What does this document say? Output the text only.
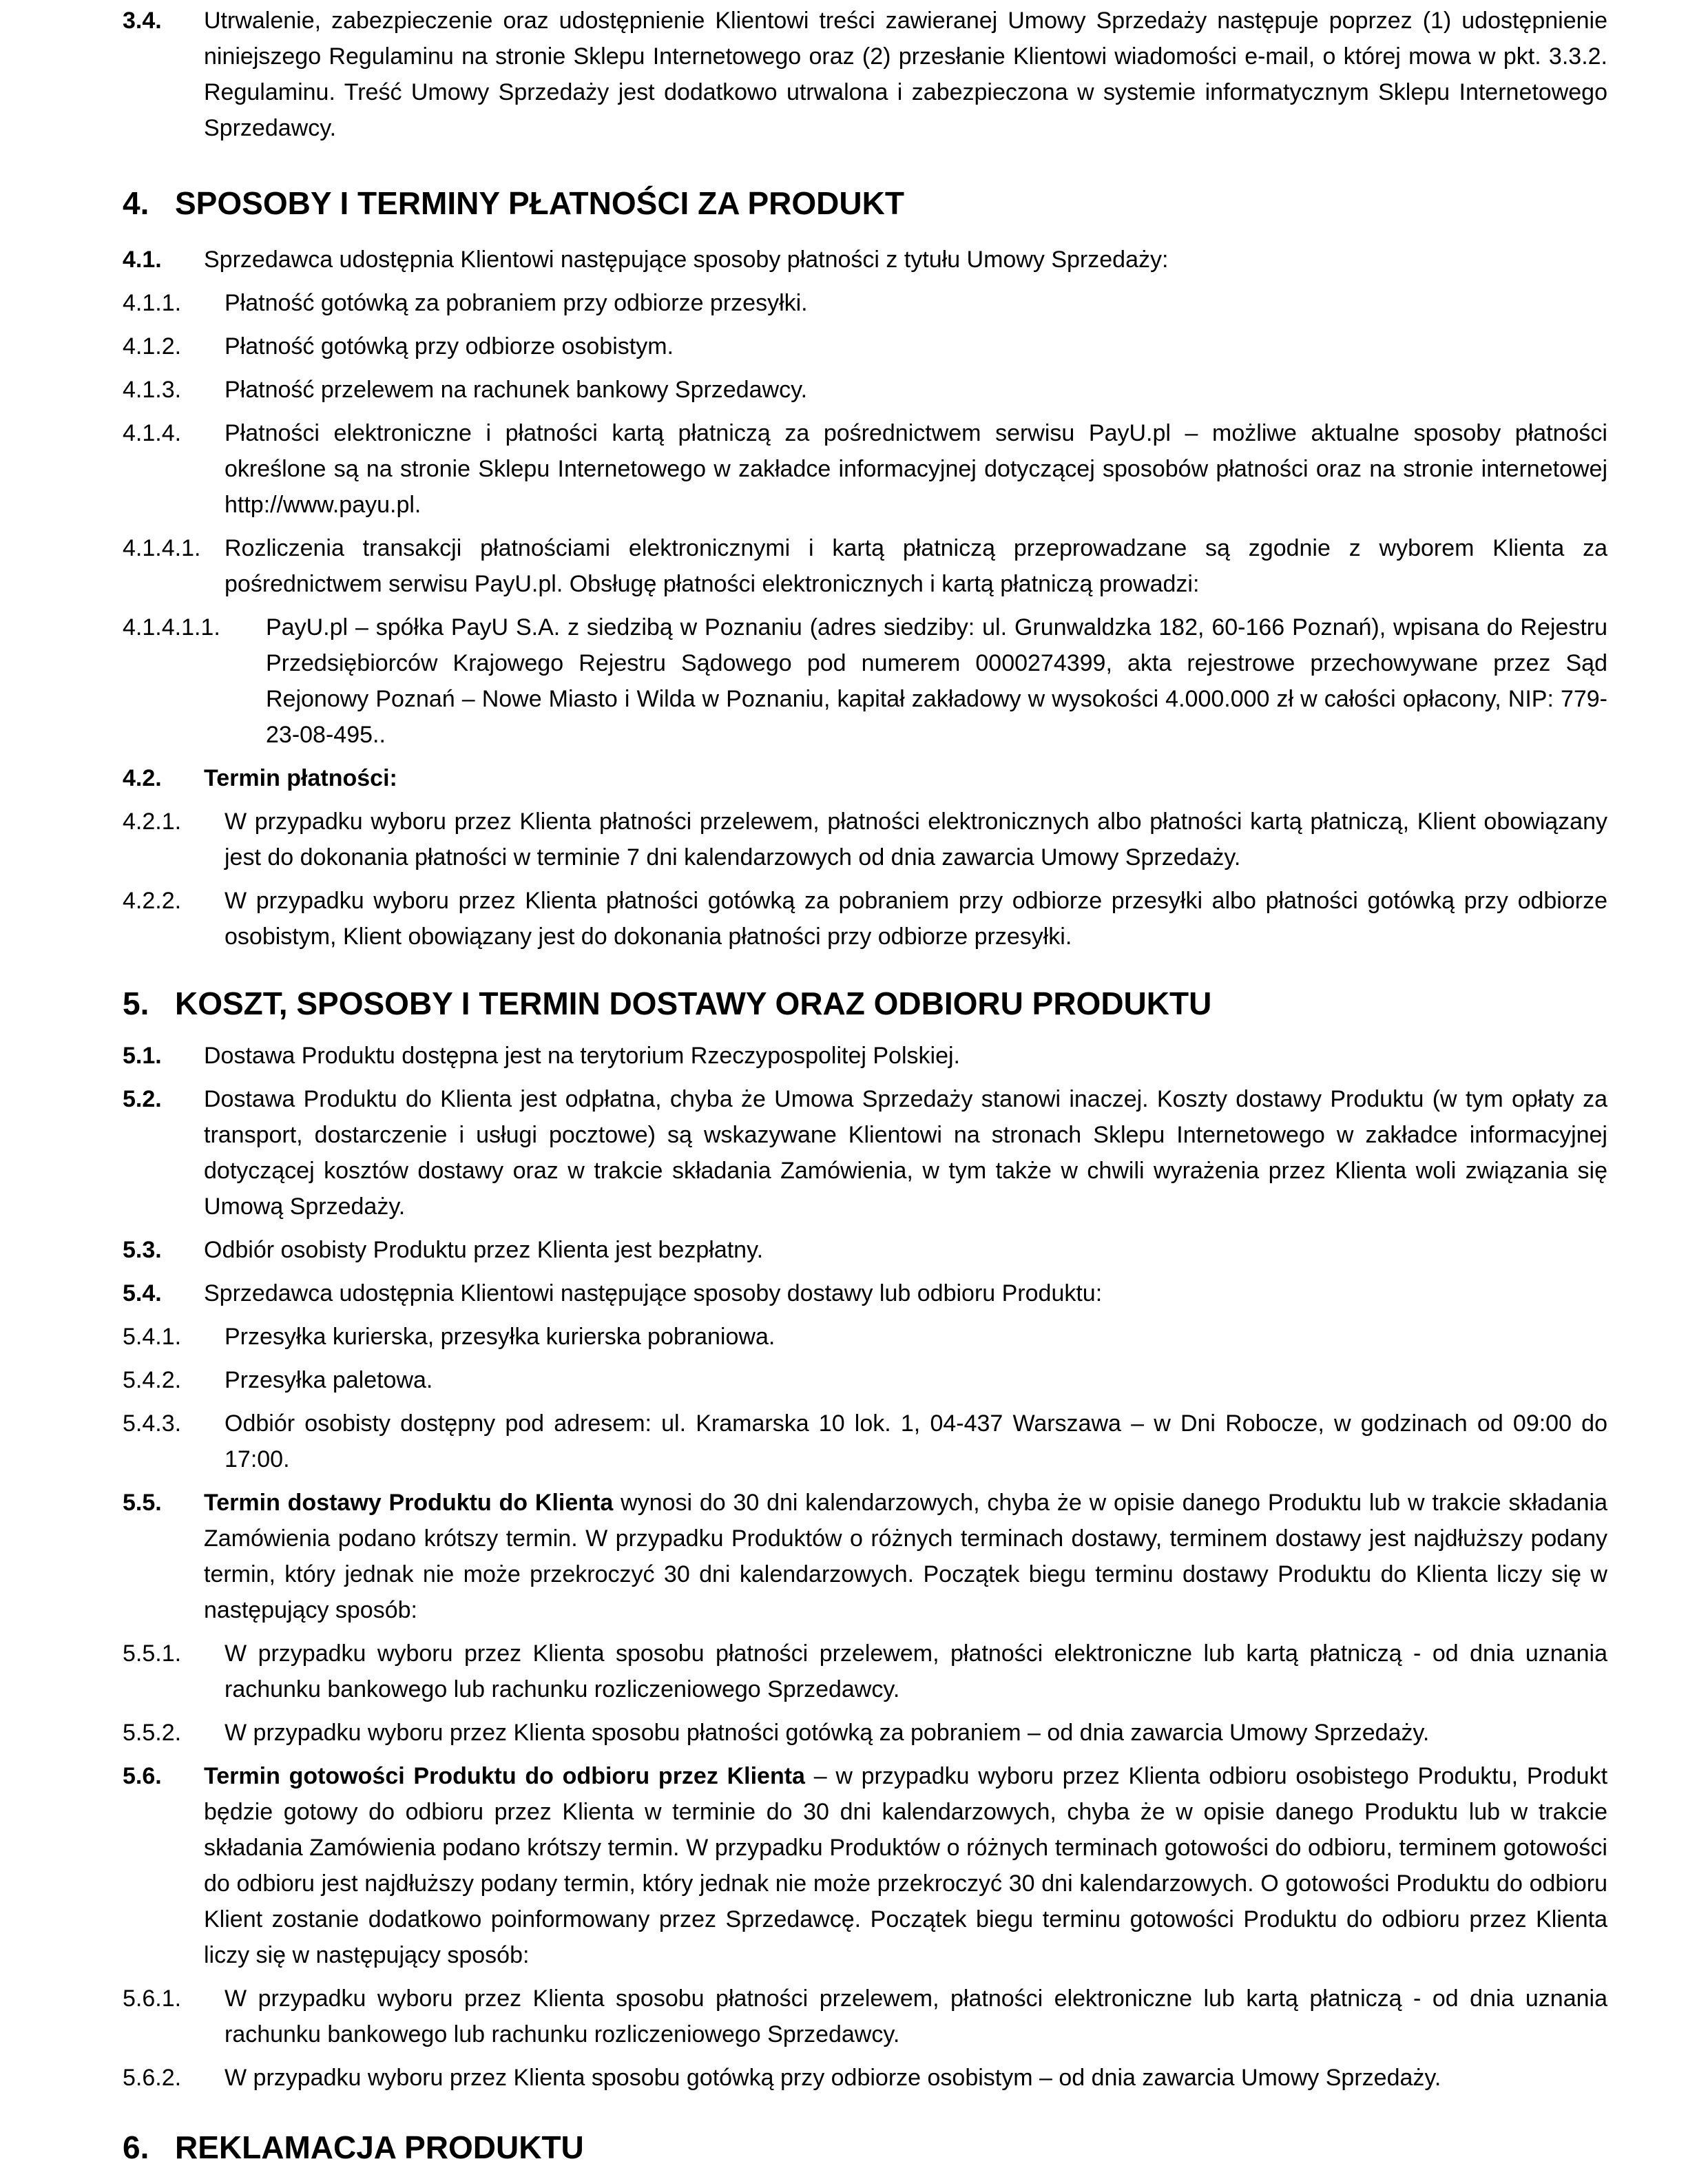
3.4.	Utrwalenie, zabezpieczenie oraz udostępnienie Klientowi treści zawieranej Umowy Sprzedaży następuje poprzez (1) udostępnienie niniejszego Regulaminu na stronie Sklepu Internetowego oraz (2) przesłanie Klientowi wiadomości e-mail, o której mowa w pkt. 3.3.2. Regulaminu. Treść Umowy Sprzedaży jest dodatkowo utrwalona i zabezpieczona w systemie informatycznym Sklepu Internetowego Sprzedawcy.
4. SPOSOBY I TERMINY PŁATNOŚCI ZA PRODUKT
4.1.	Sprzedawca udostępnia Klientowi następujące sposoby płatności z tytułu Umowy Sprzedaży:
4.1.1.	Płatność gotówką za pobraniem przy odbiorze przesyłki.
4.1.2.	Płatność gotówką przy odbiorze osobistym.
4.1.3.	Płatność przelewem na rachunek bankowy Sprzedawcy.
4.1.4.	Płatności elektroniczne i płatności kartą płatniczą za pośrednictwem serwisu PayU.pl – możliwe aktualne sposoby płatności określone są na stronie Sklepu Internetowego w zakładce informacyjnej dotyczącej sposobów płatności oraz na stronie internetowej http://www.payu.pl.
4.1.4.1.	Rozliczenia transakcji płatnościami elektronicznymi i kartą płatniczą przeprowadzane są zgodnie z wyborem Klienta za pośrednictwem serwisu PayU.pl. Obsługę płatności elektronicznych i kartą płatniczą prowadzi:
4.1.4.1.1.	PayU.pl – spółka PayU S.A. z siedzibą w Poznaniu (adres siedziby: ul. Grunwaldzka 182, 60-166 Poznań), wpisana do Rejestru Przedsiębiorców Krajowego Rejestru Sądowego pod numerem 0000274399, akta rejestrowe przechowywane przez Sąd Rejonowy Poznań – Nowe Miasto i Wilda w Poznaniu, kapitał zakładowy w wysokości 4.000.000 zł w całości opłacony, NIP: 779-23-08-495..
4.2.	Termin płatności:
4.2.1.	W przypadku wyboru przez Klienta płatności przelewem, płatności elektronicznych albo płatności kartą płatniczą, Klient obowiązany jest do dokonania płatności w terminie 7 dni kalendarzowych od dnia zawarcia Umowy Sprzedaży.
4.2.2.	W przypadku wyboru przez Klienta płatności gotówką za pobraniem przy odbiorze przesyłki albo płatności gotówką przy odbiorze osobistym, Klient obowiązany jest do dokonania płatności przy odbiorze przesyłki.
5. KOSZT, SPOSOBY I TERMIN DOSTAWY ORAZ ODBIORU PRODUKTU
5.1.	Dostawa Produktu dostępna jest na terytorium Rzeczypospolitej Polskiej.
5.2.	Dostawa Produktu do Klienta jest odpłatna, chyba że Umowa Sprzedaży stanowi inaczej. Koszty dostawy Produktu (w tym opłaty za transport, dostarczenie i usługi pocztowe) są wskazywane Klientowi na stronach Sklepu Internetowego w zakładce informacyjnej dotyczącej kosztów dostawy oraz w trakcie składania Zamówienia, w tym także w chwili wyrażenia przez Klienta woli związania się Umową Sprzedaży.
5.3.	Odbiór osobisty Produktu przez Klienta jest bezpłatny.
5.4.	Sprzedawca udostępnia Klientowi następujące sposoby dostawy lub odbioru Produktu:
5.4.1.	Przesyłka kurierska, przesyłka kurierska pobraniowa.
5.4.2.	Przesyłka paletowa.
5.4.3.	Odbiór osobisty dostępny pod adresem: ul. Kramarska 10 lok. 1, 04-437 Warszawa – w Dni Robocze, w godzinach od 09:00 do 17:00.
5.5.	Termin dostawy Produktu do Klienta wynosi do 30 dni kalendarzowych, chyba że w opisie danego Produktu lub w trakcie składania Zamówienia podano krótszy termin. W przypadku Produktów o różnych terminach dostawy, terminem dostawy jest najdłuższy podany termin, który jednak nie może przekroczyć 30 dni kalendarzowych. Początek biegu terminu dostawy Produktu do Klienta liczy się w następujący sposób:
5.5.1.	W przypadku wyboru przez Klienta sposobu płatności przelewem, płatności elektroniczne lub kartą płatniczą - od dnia uznania rachunku bankowego lub rachunku rozliczeniowego Sprzedawcy.
5.5.2.	W przypadku wyboru przez Klienta sposobu płatności gotówką za pobraniem – od dnia zawarcia Umowy Sprzedaży.
5.6.	Termin gotowości Produktu do odbioru przez Klienta – w przypadku wyboru przez Klienta odbioru osobistego Produktu, Produkt będzie gotowy do odbioru przez Klienta w terminie do 30 dni kalendarzowych, chyba że w opisie danego Produktu lub w trakcie składania Zamówienia podano krótszy termin. W przypadku Produktów o różnych terminach gotowości do odbioru, terminem gotowości do odbioru jest najdłuższy podany termin, który jednak nie może przekroczyć 30 dni kalendarzowych. O gotowości Produktu do odbioru Klient zostanie dodatkowo poinformowany przez Sprzedawcę. Początek biegu terminu gotowości Produktu do odbioru przez Klienta liczy się w następujący sposób:
5.6.1.	W przypadku wyboru przez Klienta sposobu płatności przelewem, płatności elektroniczne lub kartą płatniczą - od dnia uznania rachunku bankowego lub rachunku rozliczeniowego Sprzedawcy.
5.6.2.	W przypadku wyboru przez Klienta sposobu gotówką przy odbiorze osobistym – od dnia zawarcia Umowy Sprzedaży.
6. REKLAMACJA PRODUKTU
